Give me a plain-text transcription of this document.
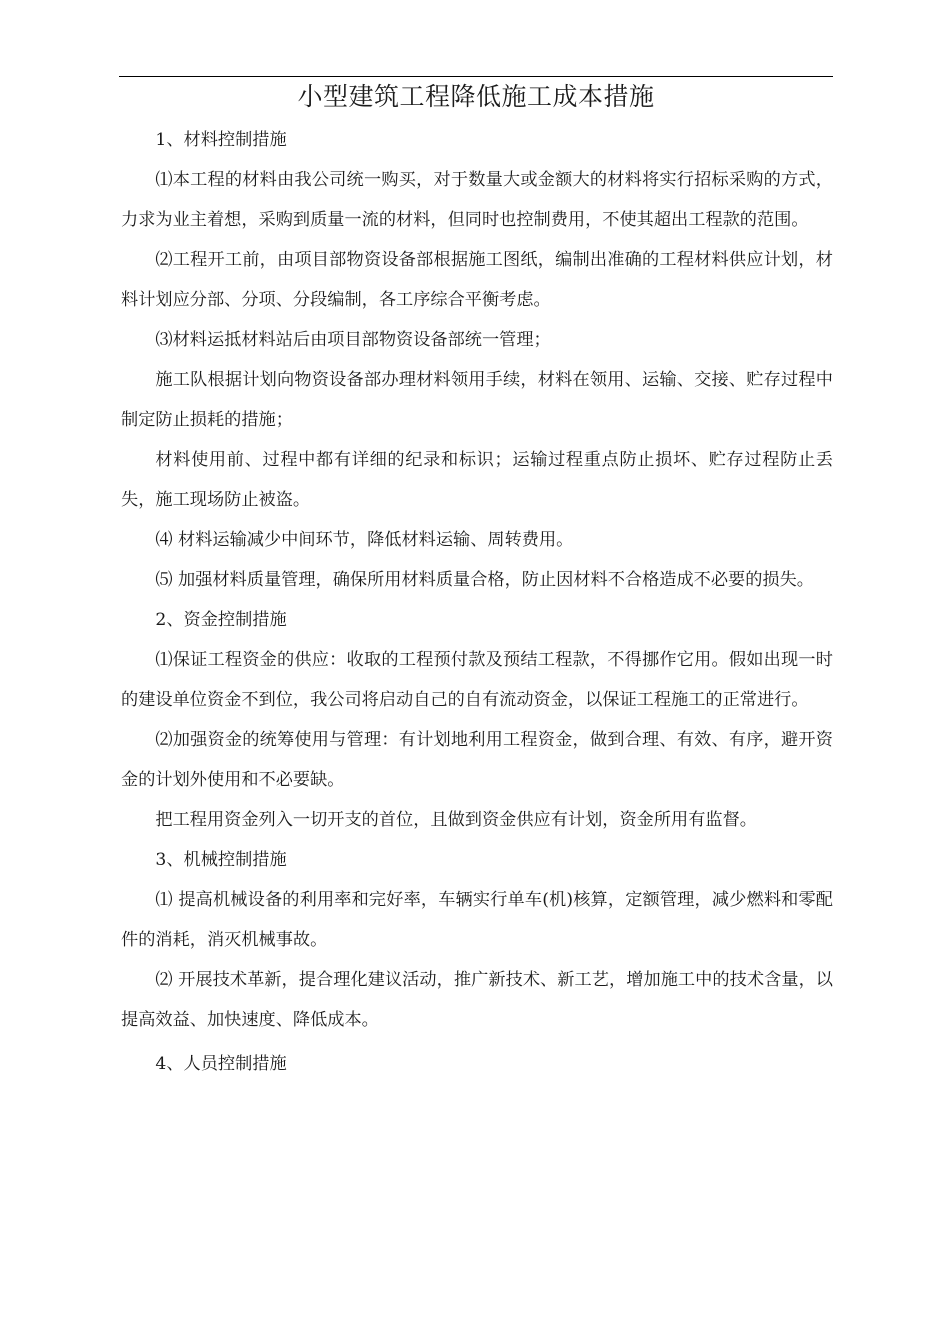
小型建筑工程降低施工成本措施

1、材料控制措施

⑴本工程的材料由我公司统一购买，对于数量大或金额大的材料将实行招标采购的方式，力求为业主着想，采购到质量一流的材料，但同时也控制费用，不使其超出工程款的范围。

⑵工程开工前，由项目部物资设备部根据施工图纸，编制出准确的工程材料供应计划，材料计划应分部、分项、分段编制，各工序综合平衡考虑。

⑶材料运抵材料站后由项目部物资设备部统一管理；

施工队根据计划向物资设备部办理材料领用手续，材料在领用、运输、交接、贮存过程中制定防止损耗的措施；

材料使用前、过程中都有详细的纪录和标识；运输过程重点防止损坏、贮存过程防止丢失，施工现场防止被盗。

⑷ 材料运输减少中间环节，降低材料运输、周转费用。

⑸ 加强材料质量管理，确保所用材料质量合格，防止因材料不合格造成不必要的损失。

2、资金控制措施

⑴保证工程资金的供应：收取的工程预付款及预结工程款，不得挪作它用。假如出现一时的建设单位资金不到位，我公司将启动自己的自有流动资金，以保证工程施工的正常进行。

⑵加强资金的统筹使用与管理：有计划地利用工程资金，做到合理、有效、有序，避开资金的计划外使用和不必要缺。

把工程用资金列入一切开支的首位，且做到资金供应有计划，资金所用有监督。

3、机械控制措施

⑴ 提高机械设备的利用率和完好率，车辆实行单车(机)核算，定额管理，减少燃料和零配件的消耗，消灭机械事故。

⑵ 开展技术革新，提合理化建议活动，推广新技术、新工艺，增加施工中的技术含量，以提高效益、加快速度、降低成本。

4、人员控制措施
